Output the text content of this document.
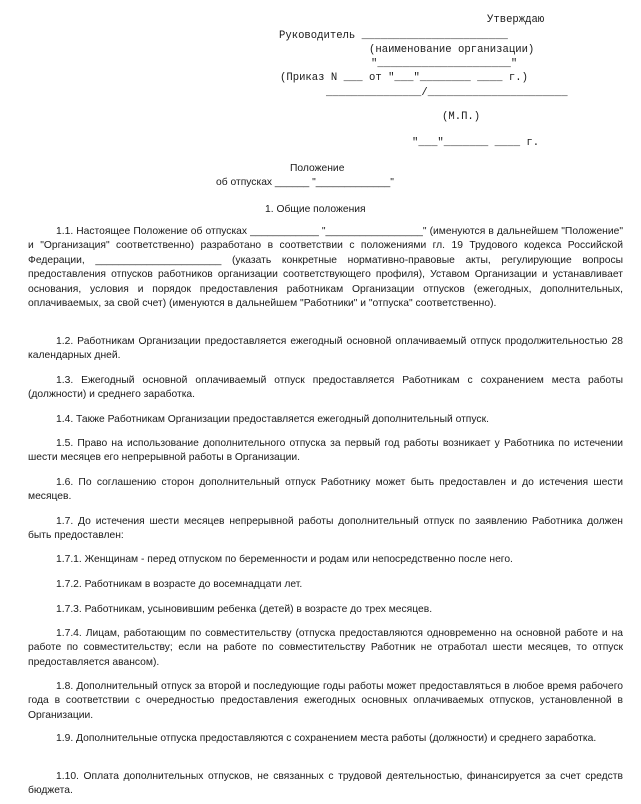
Утверждаю
Руководитель _______________________
(наименование организации)
"_____________________"
(Приказ N ___ от "___"________ ____ г.)
_______________/______________________
(М.П.)
"___"_______ ____ г.
Положение
об отпусках ______ "_____________"
1. Общие положения
1.1. Настоящее Положение об отпусках ____________ "_________________" (именуются в дальнейшем "Положение" и "Организация" соответственно) разработано в соответствии с положениями гл. 19 Трудового кодекса Российской Федерации, ______________________ (указать конкретные нормативно-правовые акты, регулирующие вопросы предоставления отпусков работников организации соответствующего профиля), Уставом Организации и устанавливает основания, условия и порядок предоставления работникам Организации отпусков (ежегодных, дополнительных, оплачиваемых, за свой счет) (именуются в дальнейшем "Работники" и "отпуска" соответственно).
1.2. Работникам Организации предоставляется ежегодный основной оплачиваемый отпуск продолжительностью 28 календарных дней.
1.3. Ежегодный основной оплачиваемый отпуск предоставляется Работникам с сохранением места работы (должности) и среднего заработка.
1.4. Также Работникам Организации предоставляется ежегодный дополнительный отпуск.
1.5. Право на использование дополнительного отпуска за первый год работы возникает у Работника по истечении шести месяцев его непрерывной работы в Организации.
1.6. По соглашению сторон дополнительный отпуск Работнику может быть предоставлен и до истечения шести месяцев.
1.7. До истечения шести месяцев непрерывной работы дополнительный отпуск по заявлению Работника должен быть предоставлен:
1.7.1. Женщинам - перед отпуском по беременности и родам или непосредственно после него.
1.7.2. Работникам в возрасте до восемнадцати лет.
1.7.3. Работникам, усыновившим ребенка (детей) в возрасте до трех месяцев.
1.7.4. Лицам, работающим по совместительству (отпуска предоставляются одновременно на основной работе и на работе по совместительству; если на работе по совместительству Работник не отработал шести месяцев, то отпуск предоставляется авансом).
1.8. Дополнительный отпуск за второй и последующие годы работы может предоставляться в любое время рабочего года в соответствии с очередностью предоставления ежегодных основных оплачиваемых отпусков, установленной в Организации.
1.9. Дополнительные отпуска предоставляются с сохранением места работы (должности) и среднего заработка.
1.10. Оплата дополнительных отпусков, не связанных с трудовой деятельностью, финансируется за счет средств бюджета.
